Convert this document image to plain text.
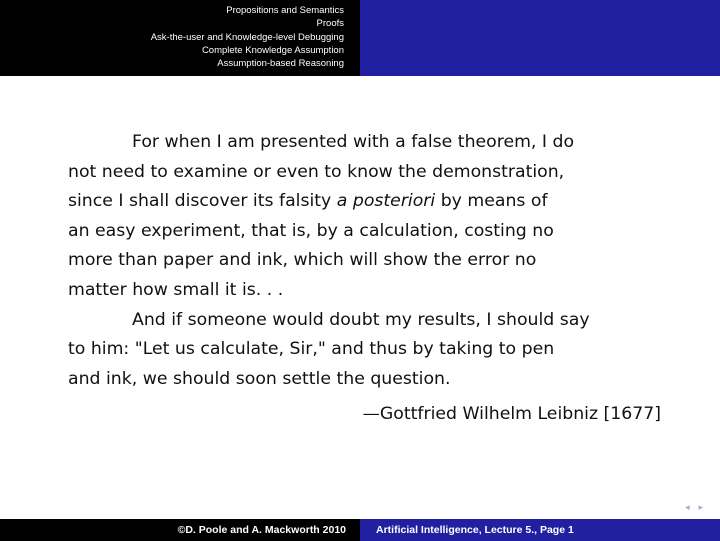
Propositions and Semantics
Proofs
Ask-the-user and Knowledge-level Debugging
Complete Knowledge Assumption
Assumption-based Reasoning

For when I am presented with a false theorem, I do
not need to examine or even to know the demonstration,
since I shall discover its falsity a posteriori by means of
an easy experiment, that is, by a calculation, costing no
more than paper and ink, which will show the error no
matter how small it is. . .

And if someone would doubt my results, I should say
to him: "Let us calculate, Sir," and thus by taking to pen
and ink, we should soon settle the question.

—Gottfried Wilhelm Leibniz [1677]
◂ ▸
©D. Poole and A. Mackworth 2010	Artificial Intelligence, Lecture 5., Page 1
